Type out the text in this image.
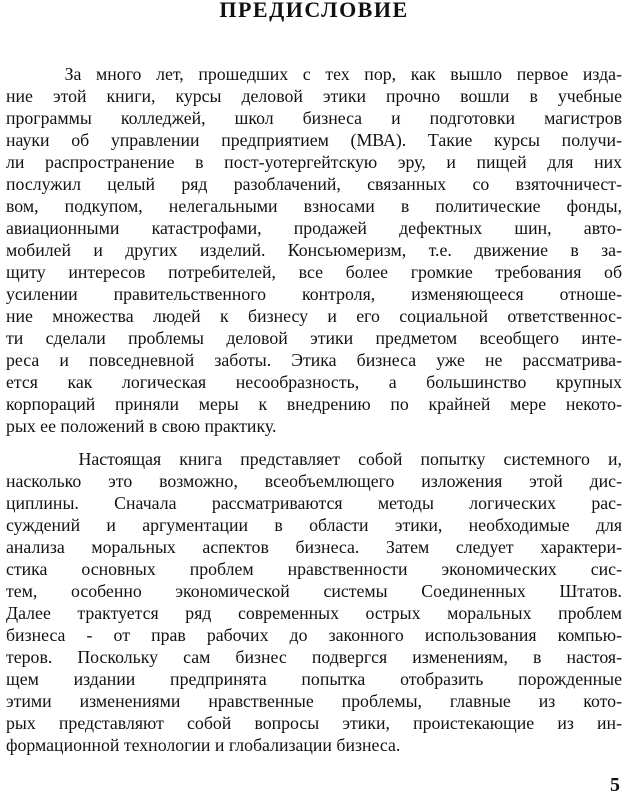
ПРЕДИСЛОВИЕ
За много лет, прошедших с тех пор, как вышло первое изда-
ние этой книги, курсы деловой этики прочно вошли в учебные
программы колледжей, школ бизнеса и подготовки магистров
науки об управлении предприятием (МВА). Такие курсы получи-
ли распространение в пост-уотергейтскую эру, и пищей для них
послужил целый ряд разоблачений, связанных со взяточничест-
вом, подкупом, нелегальными взносами в политические фонды,
авиационными катастрофами, продажей дефектных шин, авто-
мобилей и других изделий. Консьюмеризм, т.е. движение в за-
щиту интересов потребителей, все более громкие требования об
усилении правительственного контроля, изменяющееся отноше-
ние множества людей к бизнесу и его социальной ответственнос-
ти сделали проблемы деловой этики предметом всеобщего инте-
реса и повседневной заботы. Этика бизнеса уже не рассматрива-
ется как логическая несообразность, а большинство крупных
корпораций приняли меры к внедрению по крайней мере некото-
рых ее положений в свою практику.
Настоящая книга представляет собой попытку системного и,
насколько это возможно, всеобъемлющего изложения этой дис-
циплины. Сначала рассматриваются методы логических рас-
суждений и аргументации в области этики, необходимые для
анализа моральных аспектов бизнеса. Затем следует характери-
стика основных проблем нравственности экономических сис-
тем, особенно экономической системы Соединенных Штатов.
Далее трактуется ряд современных острых моральных проблем
бизнеса - от прав рабочих до законного использования компью-
теров. Поскольку сам бизнес подвергся изменениям, в настоя-
щем издании предпринята попытка отобразить порожденные
этими изменениями нравственные проблемы, главные из кото-
рых представляют собой вопросы этики, проистекающие из ин-
формационной технологии и глобализации бизнеса.
5
